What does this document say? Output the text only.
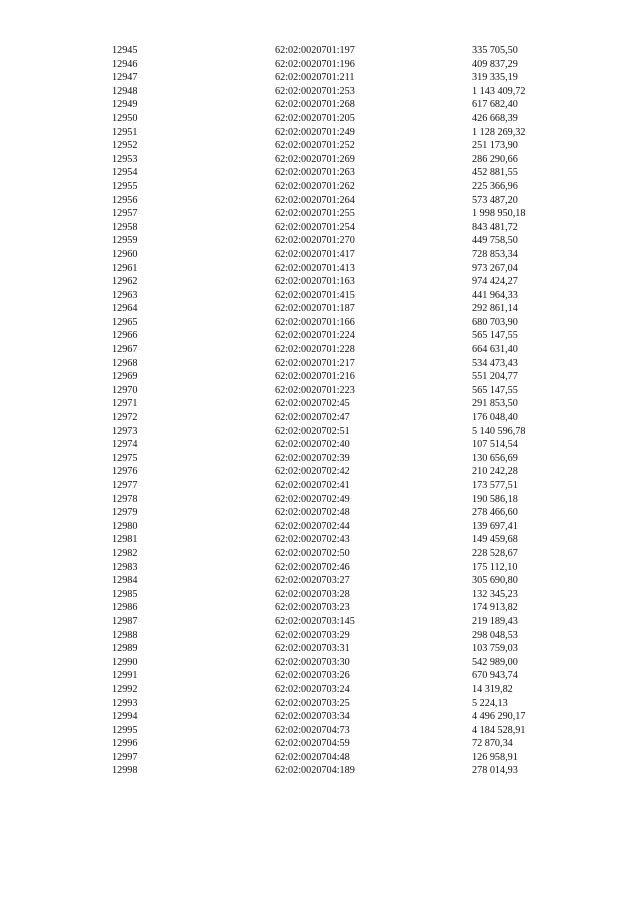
12945	62:02:0020701:197	335 705,50
12946	62:02:0020701:196	409 837,29
12947	62:02:0020701:211	319 335,19
12948	62:02:0020701:253	1 143 409,72
12949	62:02:0020701:268	617 682,40
12950	62:02:0020701:205	426 668,39
12951	62:02:0020701:249	1 128 269,32
12952	62:02:0020701:252	251 173,90
12953	62:02:0020701:269	286 290,66
12954	62:02:0020701:263	452 881,55
12955	62:02:0020701:262	225 366,96
12956	62:02:0020701:264	573 487,20
12957	62:02:0020701:255	1 998 950,18
12958	62:02:0020701:254	843 481,72
12959	62:02:0020701:270	449 758,50
12960	62:02:0020701:417	728 853,34
12961	62:02:0020701:413	973 267,04
12962	62:02:0020701:163	974 424,27
12963	62:02:0020701:415	441 964,33
12964	62:02:0020701:187	292 861,14
12965	62:02:0020701:166	680 703,90
12966	62:02:0020701:224	565 147,55
12967	62:02:0020701:228	664 631,40
12968	62:02:0020701:217	534 473,43
12969	62:02:0020701:216	551 204,77
12970	62:02:0020701:223	565 147,55
12971	62:02:0020702:45	291 853,50
12972	62:02:0020702:47	176 048,40
12973	62:02:0020702:51	5 140 596,78
12974	62:02:0020702:40	107 514,54
12975	62:02:0020702:39	130 656,69
12976	62:02:0020702:42	210 242,28
12977	62:02:0020702:41	173 577,51
12978	62:02:0020702:49	190 586,18
12979	62:02:0020702:48	278 466,60
12980	62:02:0020702:44	139 697,41
12981	62:02:0020702:43	149 459,68
12982	62:02:0020702:50	228 528,67
12983	62:02:0020702:46	175 112,10
12984	62:02:0020703:27	305 690,80
12985	62:02:0020703:28	132 345,23
12986	62:02:0020703:23	174 913,82
12987	62:02:0020703:145	219 189,43
12988	62:02:0020703:29	298 048,53
12989	62:02:0020703:31	103 759,03
12990	62:02:0020703:30	542 989,00
12991	62:02:0020703:26	670 943,74
12992	62:02:0020703:24	14 319,82
12993	62:02:0020703:25	5 224,13
12994	62:02:0020703:34	4 496 290,17
12995	62:02:0020704:73	4 184 528,91
12996	62:02:0020704:59	72 870,34
12997	62:02:0020704:48	126 958,91
12998	62:02:0020704:189	278 014,93
